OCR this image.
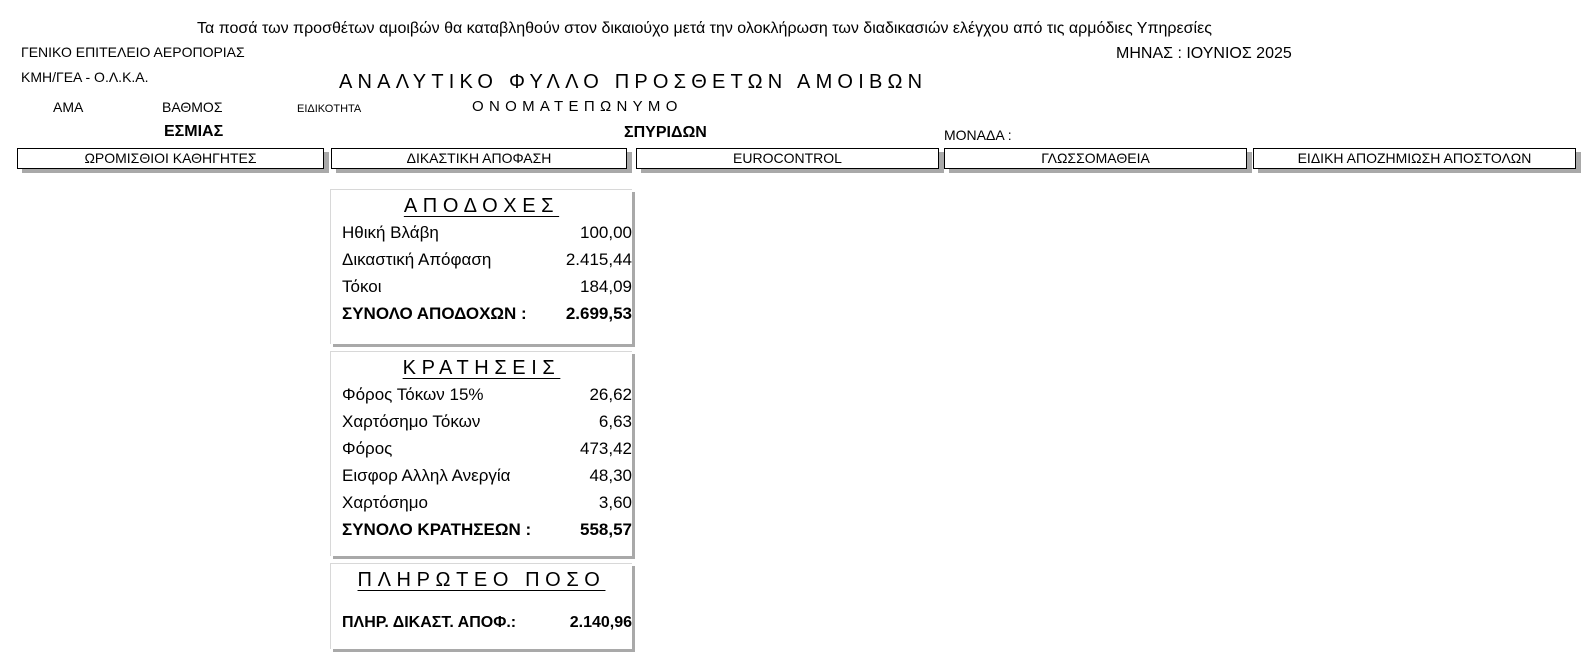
Τα ποσά των προσθέτων αμοιβών θα καταβληθούν στον δικαιούχο μετά την ολοκλήρωση των διαδικασιών ελέγχου από τις αρμόδιες Υπηρεσίες
ΓΕΝΙΚΟ ΕΠΙΤΕΛΕΙΟ ΑΕΡΟΠΟΡΙΑΣ	ΜΗΝΑΣ : ΙΟΥΝΙΟΣ 2025
ΚΜΗ/ΓΕΑ - Ο.Λ.Κ.Α.	ΑΝΑΛΥΤΙΚΟ ΦΥΛΛΟ ΠΡΟΣΘΕΤΩΝ ΑΜΟΙΒΩΝ
ΑΜΑ	ΒΑΘΜΟΣ	ΕΙΔΙΚΟΤΗΤΑ	ΟΝΟΜΑΤΕΠΩΝΥΜΟ
ΕΣΜΙΑΣ	ΣΠΥΡΙΔΩΝ	ΜΟΝΑΔΑ :
ΩΡΟΜΙΣΘΙΟΙ ΚΑΘΗΓΗΤΕΣ	ΔΙΚΑΣΤΙΚΗ ΑΠΟΦΑΣΗ	EUROCONTROL	ΓΛΩΣΣΟΜΑΘΕΙΑ	ΕΙΔΙΚΗ ΑΠΟΖΗΜΙΩΣΗ ΑΠΟΣΤΟΛΩΝ
ΑΠΟΔΟΧΕΣ
Ηθική Βλάβη	100,00
Δικαστική Απόφαση	2.415,44
Τόκοι	184,09
ΣΥΝΟΛΟ ΑΠΟΔΟΧΩΝ : 2.699,53
ΚΡΑΤΗΣΕΙΣ
Φόρος Τόκων 15%	26,62
Χαρτόσημο Τόκων	6,63
Φόρος	473,42
Εισφορ Αλληλ Ανεργία	48,30
Χαρτόσημο	3,60
ΣΥΝΟΛΟ ΚΡΑΤΗΣΕΩΝ :	558,57
ΠΛΗΡΩΤΕΟ ΠΟΣΟ
ΠΛΗΡ. ΔΙΚΑΣΤ. ΑΠΟΦ.:	2.140,96
